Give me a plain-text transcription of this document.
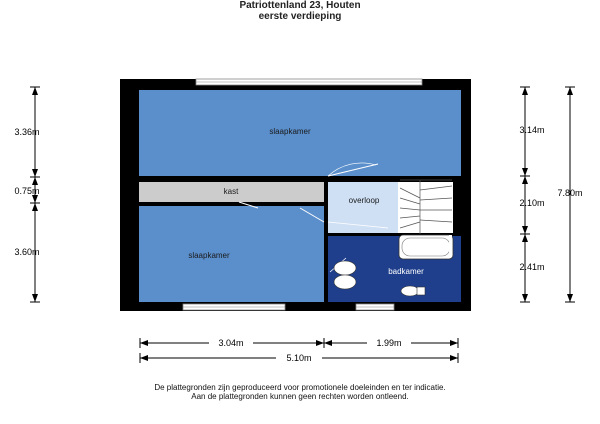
Patriottenland 23, Houten
eerste verdieping
slaapkamer
kast
slaapkamer
overloop
badkamer
3.36m
0.75m
3.60m
3.14m
2.10m
2.41m
7.80m
3.04m	1.99m
5.10m
De plattegronden zijn geproduceerd voor promotionele doeleinden en ter indicatie.
Aan de plattegronden kunnen geen rechten worden ontleend.
